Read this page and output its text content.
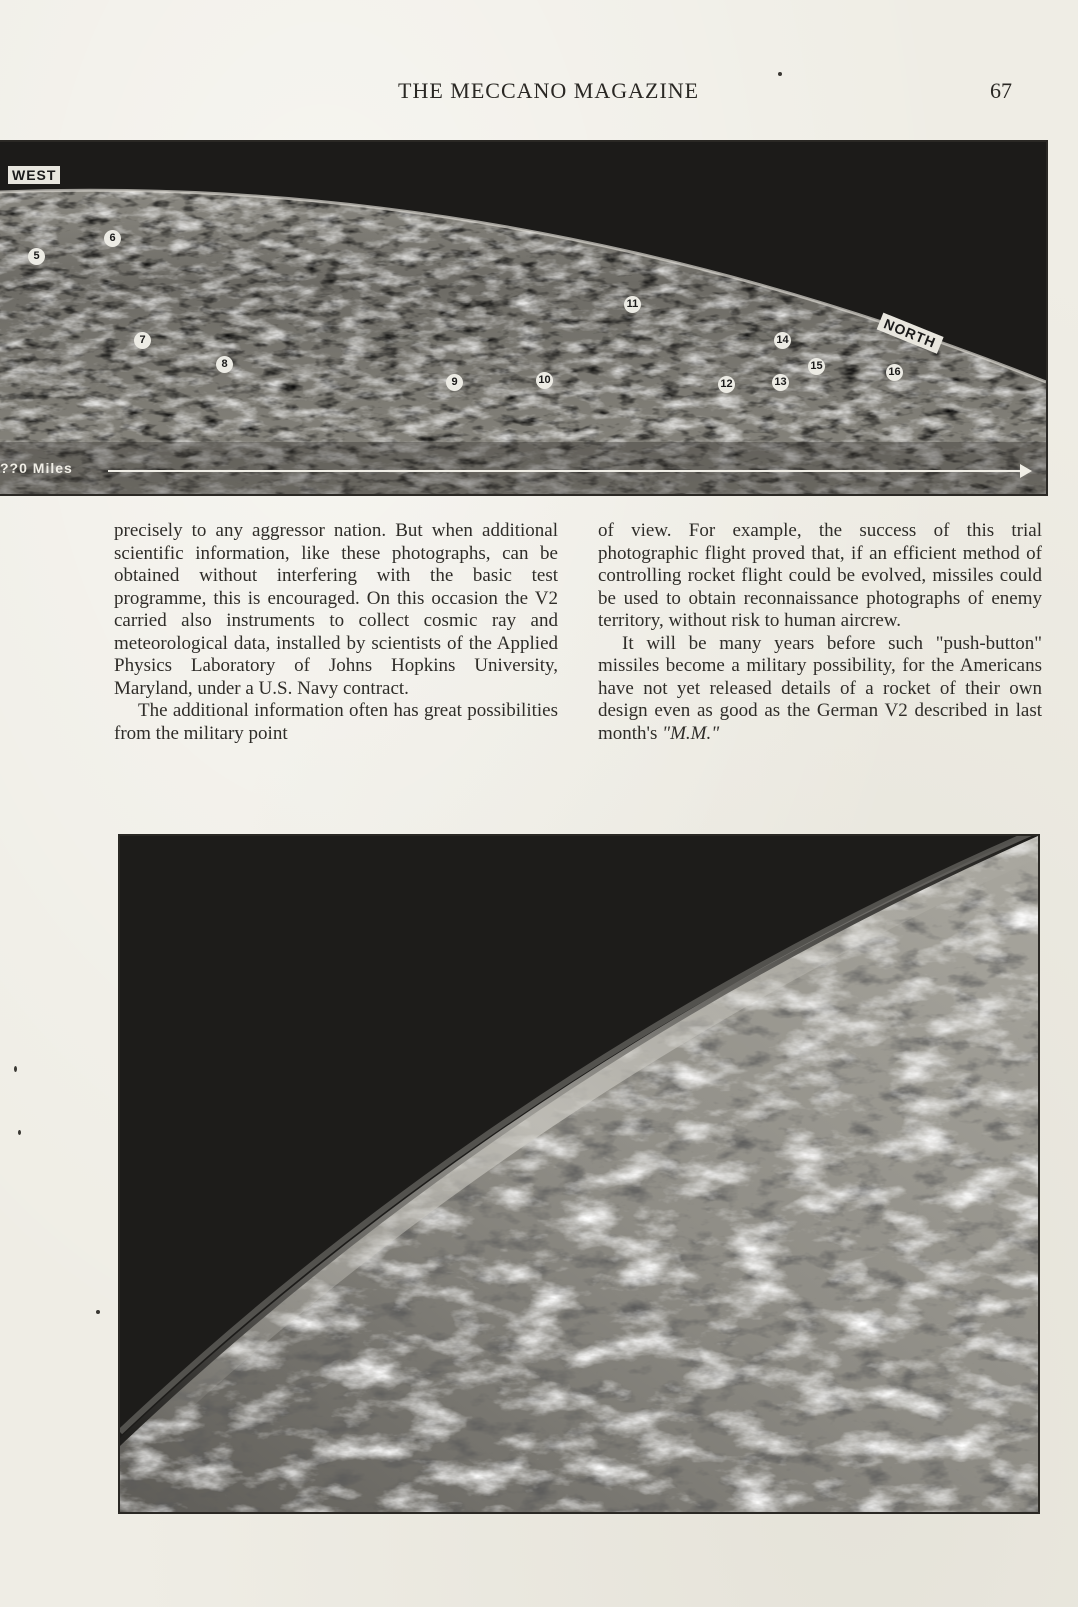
THE MECCANO MAGAZINE	67
WEST
NORTH
5
6
7
8
9	10
11
12	13
14
15	16
??0 Miles

precisely to any aggressor nation. But when additional scientific information, like these photographs, can be obtained without interfering with the basic test programme, this is encouraged. On this occasion the V2 carried also instruments to collect cosmic ray and meteorological data, installed by scientists of the Applied Physics Laboratory of Johns Hopkins University, Maryland, under a U.S. Navy contract.

The additional information often has great possibilities from the military point

of view. For example, the success of this trial photographic flight proved that, if an efficient method of controlling rocket flight could be evolved, missiles could be used to obtain reconnaissance photographs of enemy territory, without risk to human aircrew.

It will be many years before such "push-button" missiles become a military possibility, for the Americans have not yet released details of a rocket of their own design even as good as the German V2 described in last month's "M.M."
